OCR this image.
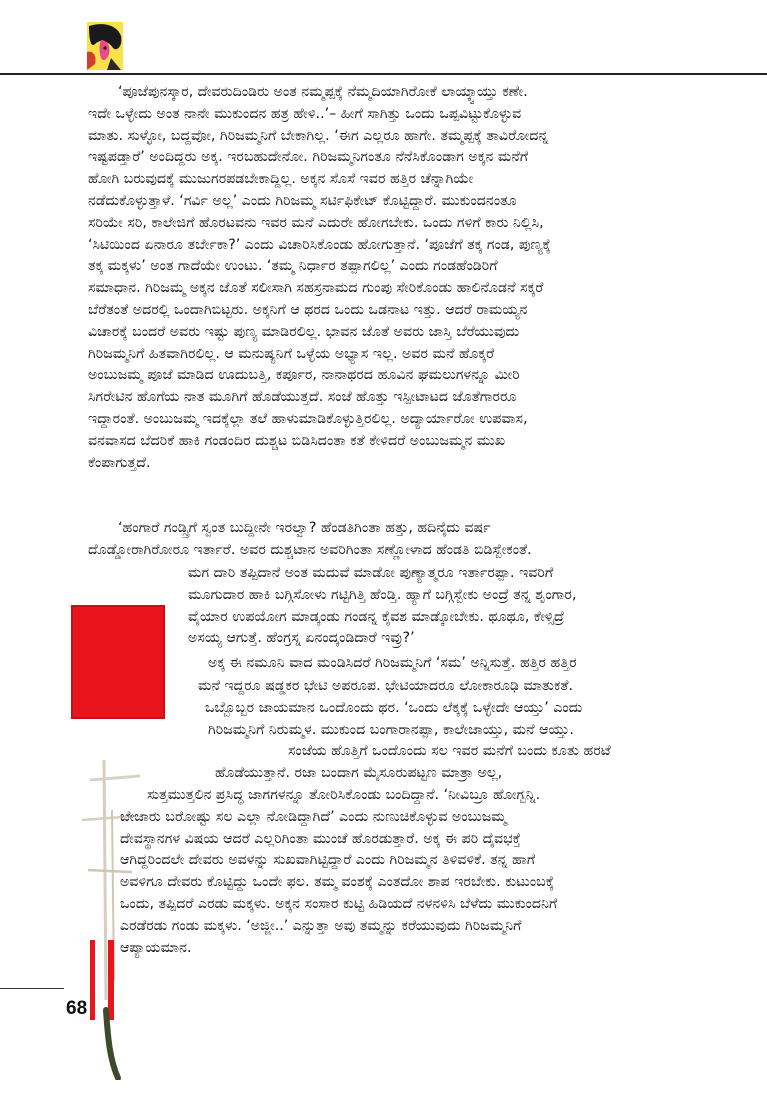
‘ಪೂಜೆಪುನಸ್ಕಾರ, ದೇವರುದಿಂಡಿರು ಅಂತ ನಮ್ಮಪ್ಪಕ್ಕೆ ನೆಮ್ಮದಿಯಾಗಿರೋಕೆ ಲಾಯ್ಕ್ವಾಯ್ತು ಕಣೇ.
ಇದೇ ಒಳ್ಳೇದು ಅಂತ ನಾನೇ ಮುಕುಂದನ ಹತ್ರ ಹೇಳಿ..’– ಹೀಗೆ ಸಾಗಿತ್ತು ಒಂದು ಒಪ್ಪವಿಟ್ಟುಕೊಳ್ಳುವ
ಮಾತು. ಸುಳ್ಳೋ, ಬದ್ದವೋ, ಗಿರಿಜಮ್ಮನಿಗೆ ಬೇಕಾಗಿಲ್ಲ. ‘ಈಗ ಎಲ್ಲರೂ ಹಾಗೇ. ತಮ್ಮಪ್ಪಕ್ಕೆ ತಾವಿರೋದನ್ನ
ಇಷ್ಟಪಡ್ತಾರೆ’ ಅಂದಿದ್ದರು ಅಕ್ಕ. ಇರಬಹುದೇನೋ. ಗಿರಿಜಮ್ಮನಿಗಂತೂ ನೆನೆಸಿಕೊಂಡಾಗ ಅಕ್ಕನ ಮನೆಗೆ
ಹೋಗಿ ಬರುವುದಕ್ಕೆ ಮುಜುಗರಪಡಬೇಕಾದ್ದಿಲ್ಲ. ಅಕ್ಕನ ಸೊಸೆ ಇವರ ಹತ್ತಿರ ಚೆನ್ನಾಗಿಯೇ
ನಡೆದುಕೊಳ್ಳುತ್ತಾಳೆ. ‘ಗರ್ವಿ ಅಲ್ಲ’ ಎಂದು ಗಿರಿಜಮ್ಮ ಸರ್ಟಿಫಿಕೇಟ್ ಕೊಟ್ಟಿದ್ದಾರೆ. ಮುಕುಂದನಂತೂ
ಸರಿಯೇ ಸರಿ, ಕಾಲೇಜಿಗೆ ಹೊರಟವನು ಇವರ ಮನೆ ಎದುರೇ ಹೋಗಬೇಕು. ಒಂದು ಗಳಿಗೆ ಕಾರು ನಿಲ್ಲಿಸಿ,
‘ಸಿಟಿಯಿಂದ ಏನಾರೂ ತರ್ಬೇಕಾ?’ ಎಂದು ವಿಚಾರಿಸಿಕೊಂಡು ಹೋಗುತ್ತಾನೆ. ‘ಪೂಜೆಗೆ ತಕ್ಕ ಗಂಡ, ಪುಣ್ಯಕ್ಕೆ
ತಕ್ಕ ಮಕ್ಕಳು’ ಅಂತ ಗಾದೆಯೇ ಉಂಟು. ‘ತಮ್ಮ ನಿರ್ಧಾರ ತಪ್ಪಾಗಲಿಲ್ಲ’ ಎಂದು ಗಂಡಹೆಂಡಿರಿಗೆ
ಸಮಾಧಾನ. ಗಿರಿಜಮ್ಮ ಅಕ್ಕನ ಜೊತೆ ಸಲೀಸಾಗಿ ಸಹಸ್ರನಾಮದ ಗುಂಪು ಸೇರಿಕೊಂಡು ಹಾಲಿನೊಡನೆ ಸಕ್ಕರೆ
ಬೆರೆತಂತೆ ಅದರಲ್ಲಿ ಒಂದಾಗಿಬಿಟ್ಟರು. ಅಕ್ಕನಿಗೆ ಆ ಥರದ ಒಂದು ಒಡನಾಟ ಇತ್ತು. ಆದರೆ ರಾಮಯ್ಯನ
ವಿಚಾರಕ್ಕೆ ಬಂದರೆ ಅವರು ಇಷ್ಟು ಪುಣ್ಯ ಮಾಡಿರಲಿಲ್ಲ. ಭಾವನ ಜೊತೆ ಅವರು ಜಾಸ್ತಿ ಬೆರೆಯುವುದು
ಗಿರಿಜಮ್ಮನಿಗೆ ಹಿತವಾಗಿರಲಿಲ್ಲ. ಆ ಮನುಷ್ಯನಿಗೆ ಒಳ್ಳೆಯ ಅಭ್ಯಾಸ ಇಲ್ಲ. ಅವರ ಮನೆ ಹೊಕ್ಕರೆ
ಅಂಬುಜಮ್ಮ ಪೂಜೆ ಮಾಡಿದ ಊದುಬತ್ತಿ, ಕರ್ಪೂರ, ನಾನಾಥರದ ಹೂವಿನ ಘಮಲುಗಳನ್ನೂ ಮೀರಿ
ಸಿಗರೇಟಿನ ಹೊಗೆಯ ನಾತ ಮೂಗಿಗೆ ಹೊಡೆಯುತ್ತದೆ. ಸಂಜೆ ಹೊತ್ತು ಇಸ್ಪೀಟಾಟದ ಜೊತೆಗಾರರೂ
ಇದ್ದಾರಂತೆ. ಅಂಬುಜಮ್ಮ ಇದಕ್ಕೆಲ್ಲಾ ತಲೆ ಹಾಳುಮಾಡಿಕೊಳ್ಳುತ್ತಿರಲಿಲ್ಲ. ಅದ್ಯಾರ್ಯಾರೋ ಉಪವಾಸ,
ವನವಾಸದ ಬೆದರಿಕೆ ಹಾಕಿ ಗಂಡಂದಿರ ದುಶ್ಚಟ ಬಿಡಿಸಿದಂತಾ ಕತೆ ಕೇಳಿದರೆ ಅಂಬುಜಮ್ಮನ ಮುಖ
ಕೆಂಪಾಗುತ್ತದೆ.
‘ಹಂಗಾರೆ ಗಂಡ್ಸ್ರಿಗೆ ಸ್ವಂತ ಬುದ್ದೀನೇ ಇರಲ್ವಾ? ಹೆಂಡತಿಗಿಂತಾ ಹತ್ತು, ಹದಿನೈದು ವರ್ಷ
ದೊಡ್ಡೋರಾಗಿರೋರೂ ಇರ್ತಾರೆ. ಅವರ ದುಶ್ಚಟಾನ ಅವರಿಗಿಂತಾ ಸಣ್ಣೋಳಾದ ಹೆಂಡತಿ ಬಿಡಿಸ್ಬೇಕಂತೆ.
ಮಗ ದಾರಿ ತಪ್ಪಿದಾನೆ ಅಂತ ಮದುವೆ ಮಾಡೋ ಪುಣ್ಯಾತ್ಮರೂ ಇರ್ತಾರಪ್ಪಾ. ಇವರಿಗೆ
ಮೂಗುದಾರ ಹಾಕಿ ಬಗ್ಗಿಸೋಳು ಗಟ್ಟಿಗಿತ್ತಿ ಹೆಂಡ್ತಿ. ಹ್ಯಾಗೆ ಬಗ್ಗಿಸ್ಬೇಕು ಅಂದ್ರೆ ತನ್ನ ಶೃಂಗಾರ,
ವೈಯಾರ ಉಪಯೋಗ ಮಾಡ್ಕಂಡು ಗಂಡನ್ನ ಕೈವಶ ಮಾಡ್ಕೋಬೇಕು. ಥೂಥೂ, ಕೇಳ್ಸಿದ್ರೆ
ಅಸಯ್ಯ ಆಗುತ್ತೆ. ಹೆಂಗ್ರಸ್ನ ಏನಂದ್ಕಂಡಿದಾರೆ ಇವ್ರು?’
ಅಕ್ಕ ಈ ನಮೂನಿ ವಾದ ಮಂಡಿಸಿದರೆ ಗಿರಿಜಮ್ಮನಿಗೆ ‘ಸಮ’ ಅನ್ನಿಸುತ್ತೆ. ಹತ್ತಿರ ಹತ್ತಿರ
ಮನೆ ಇದ್ದರೂ ಷಡ್ಡಕರ ಭೇಟಿ ಅಪರೂಪ. ಭೇಟಿಯಾದರೂ ಲೋಕಾರೂಢಿ ಮಾತುಕತೆ.
ಒಬ್ಬೊಬ್ಬರ ಜಾಯಮಾನ ಒಂದೊಂದು ಥರ. ‘ಒಂದು ಲೆಕ್ಕಕ್ಕೆ ಒಳ್ಳೇದೇ ಆಯ್ತು’ ಎಂದು
ಗಿರಿಜಮ್ಮನಿಗೆ ನಿರುಮ್ಮಳ. ಮುಕುಂದ ಬಂಗಾರಾನಪ್ಪಾ, ಕಾಲೇಜಾಯ್ತು, ಮನೆ ಆಯ್ತು.
ಸಂಜೆಯ ಹೊತ್ತಿಗೆ ಒಂದೊಂದು ಸಲ ಇವರ ಮನೆಗೆ ಬಂದು ಕೂತು ಹರಟೆ
ಹೊಡೆಯುತ್ತಾನೆ. ರಜಾ ಬಂದಾಗ ಮೈಸೂರುಪಟ್ಟಣ ಮಾತ್ರಾ ಅಲ್ಲ,
ಸುತ್ತಮುತ್ತಲಿನ ಪ್ರಸಿದ್ಧ ಜಾಗಗಳನ್ನೂ ತೋರಿಸಿಕೊಂಡು ಬಂದಿದ್ದಾನೆ. ‘ನೀವಿಬ್ರೂ ಹೋಗ್ಬನ್ನಿ.
ಬೇಜಾರು ಬರೋಷ್ಟು ಸಲ ಎಲ್ಲಾ ನೋಡಿದ್ದಾಗಿದೆ’ ಎಂದು ನುಣುಚಿಕೊಳ್ಳುವ ಅಂಬುಜಮ್ಮ
ದೇವಸ್ಥಾನಗಳ ವಿಷಯ ಆದರೆ ಎಲ್ಲರಿಗಿಂತಾ ಮುಂಚೆ ಹೊರಡುತ್ತಾರೆ. ಅಕ್ಕ ಈ ಪರಿ ದೈವಭಕ್ತೆ
ಆಗಿದ್ದರಿಂದಲೇ ದೇವರು ಅವಳನ್ನು ಸುಖವಾಗಿಟ್ಟಿದ್ದಾರೆ ಎಂದು ಗಿರಿಜಮ್ಮನ ತಿಳಿವಳಿಕೆ. ತನ್ನ ಹಾಗೆ
ಅವಳಿಗೂ ದೇವರು ಕೊಟ್ಟಿದ್ದು ಒಂದೇ ಫಲ. ತಮ್ಮ ವಂಶಕ್ಕೆ ಎಂತದೋ ಶಾಪ ಇರಬೇಕು. ಕುಟುಂಬಕ್ಕೆ
ಒಂದು, ತಪ್ಪಿದರೆ ಎರಡು ಮಕ್ಕಳು. ಅಕ್ಕನ ಸಂಸಾರ ಕುಟ್ಟಿ ಹಿಡಿಯದೆ ನಳನಳಿಸಿ ಬೆಳೆದು ಮುಕುಂದನಿಗೆ
ಎರಡೆರಡು ಗಂಡು ಮಕ್ಕಳು. ‘ಅಜ್ಜೀ..’ ಎನ್ನುತ್ತಾ ಅವು ತಮ್ಮನ್ನು ಕರೆಯುವುದು ಗಿರಿಜಮ್ಮನಿಗೆ
ಆಪ್ಯಾಯಮಾನ.
68
